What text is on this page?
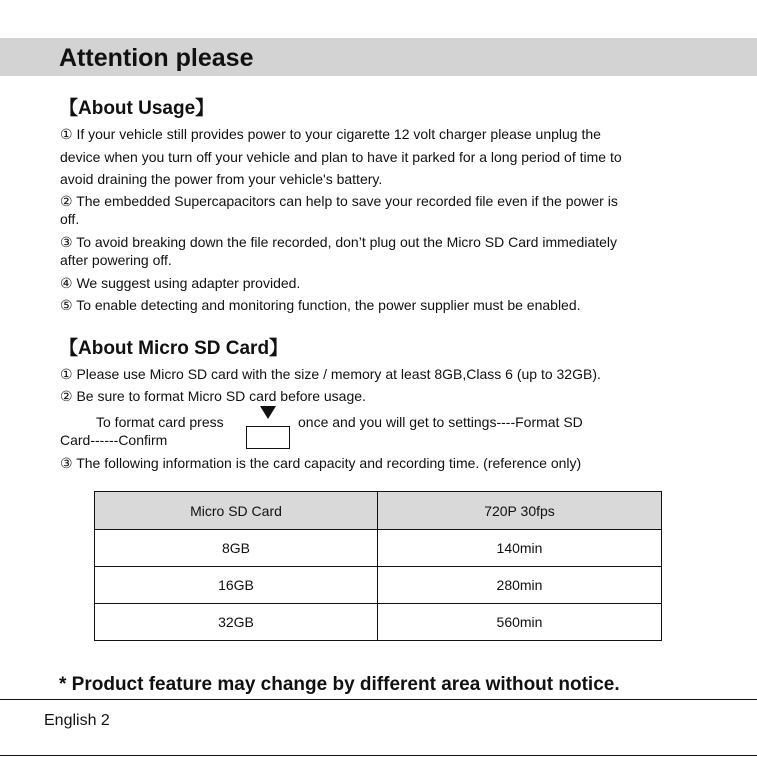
Attention please
【About Usage】
① If your vehicle still provides power to your cigarette 12 volt charger please unplug the
device when you turn off your vehicle and plan to have it parked for a long period of time to
avoid draining the power from your vehicle's battery.
② The embedded Supercapacitors can help to save your recorded file even if the power is
off.
③ To avoid breaking down the file recorded, don’t plug out the Micro SD Card immediately
after powering off.
④ We suggest using adapter provided.
⑤ To enable detecting and monitoring function, the power supplier must be enabled.
【About Micro SD Card】
① Please use Micro SD card with the size / memory at least 8GB,Class 6 (up to 32GB).
② Be sure to format Micro SD card before usage.
To format card press	once and you will get to settings----Format SD
Card------Confirm
③ The following information is the card capacity and recording time. (reference only)
Micro SD Card	720P 30fps
8GB	140min
16GB	280min
32GB	560min
* Product feature may change by different area without notice.
English 2
